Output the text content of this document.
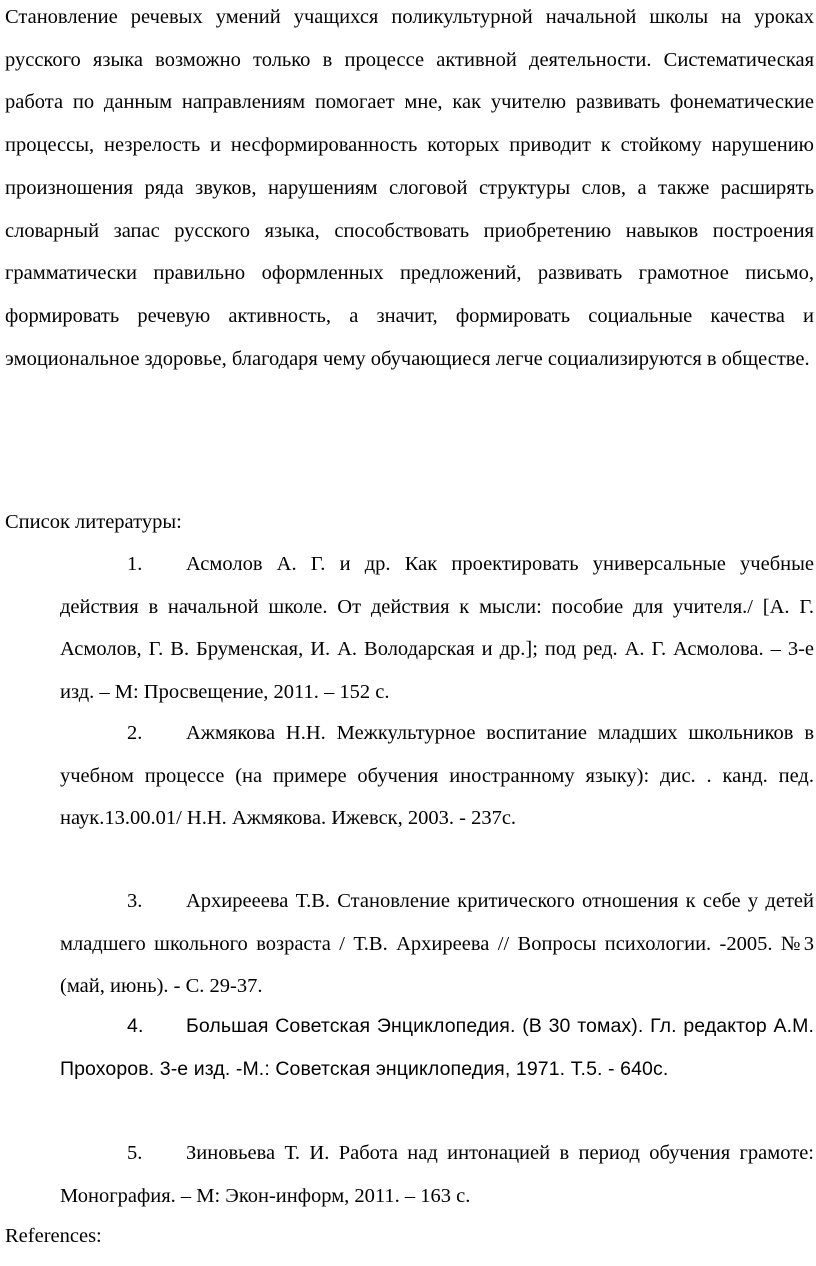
Становление речевых умений учащихся поликультурной начальной школы на уроках русского языка возможно только в процессе активной деятельности. Систематическая работа по данным направлениям помогает мне, как учителю развивать фонематические процессы, незрелость и несформированность которых приводит к стойкому нарушению произношения ряда звуков, нарушениям слоговой структуры слов, а также расширять словарный запас русского языка, способствовать приобретению навыков построения грамматически правильно оформленных предложений, развивать грамотное письмо, формировать речевую активность, а значит, формировать социальные качества и эмоциональное здоровье, благодаря чему обучающиеся легче социализируются в обществе.

Список литературы:

1. Асмолов А. Г. и др. Как проектировать универсальные учебные действия в начальной школе. От действия к мысли: пособие для учителя./ [А. Г. Асмолов, Г. В. Бруменская, И. А. Володарская и др.]; под ред. А. Г. Асмолова. – 3-е изд. – М: Просвещение, 2011. – 152 с.

2. Ажмякова Н.Н. Межкультурное воспитание младших школьников в учебном процессе (на примере обучения иностранному языку): дис. . канд. пед. наук.13.00.01/ Н.Н. Ажмякова. Ижевск, 2003. - 237с.

3. Архиреeева Т.В. Становление критического отношения к себе у детей младшего школьного возраста / Т.В. Архиреева // Вопросы психологии. -2005. №3 (май, июнь). - С. 29-37.

4. Большая Советская Энциклопедия. (В 30 томах). Гл. редактор А.М. Прохоров. 3-е изд. -М.: Советская энциклопедия, 1971. Т.5. - 640с.

5. Зиновьева Т. И. Работа над интонацией в период обучения грамоте: Монография. – М: Экон-информ, 2011. – 163 с.

References:
